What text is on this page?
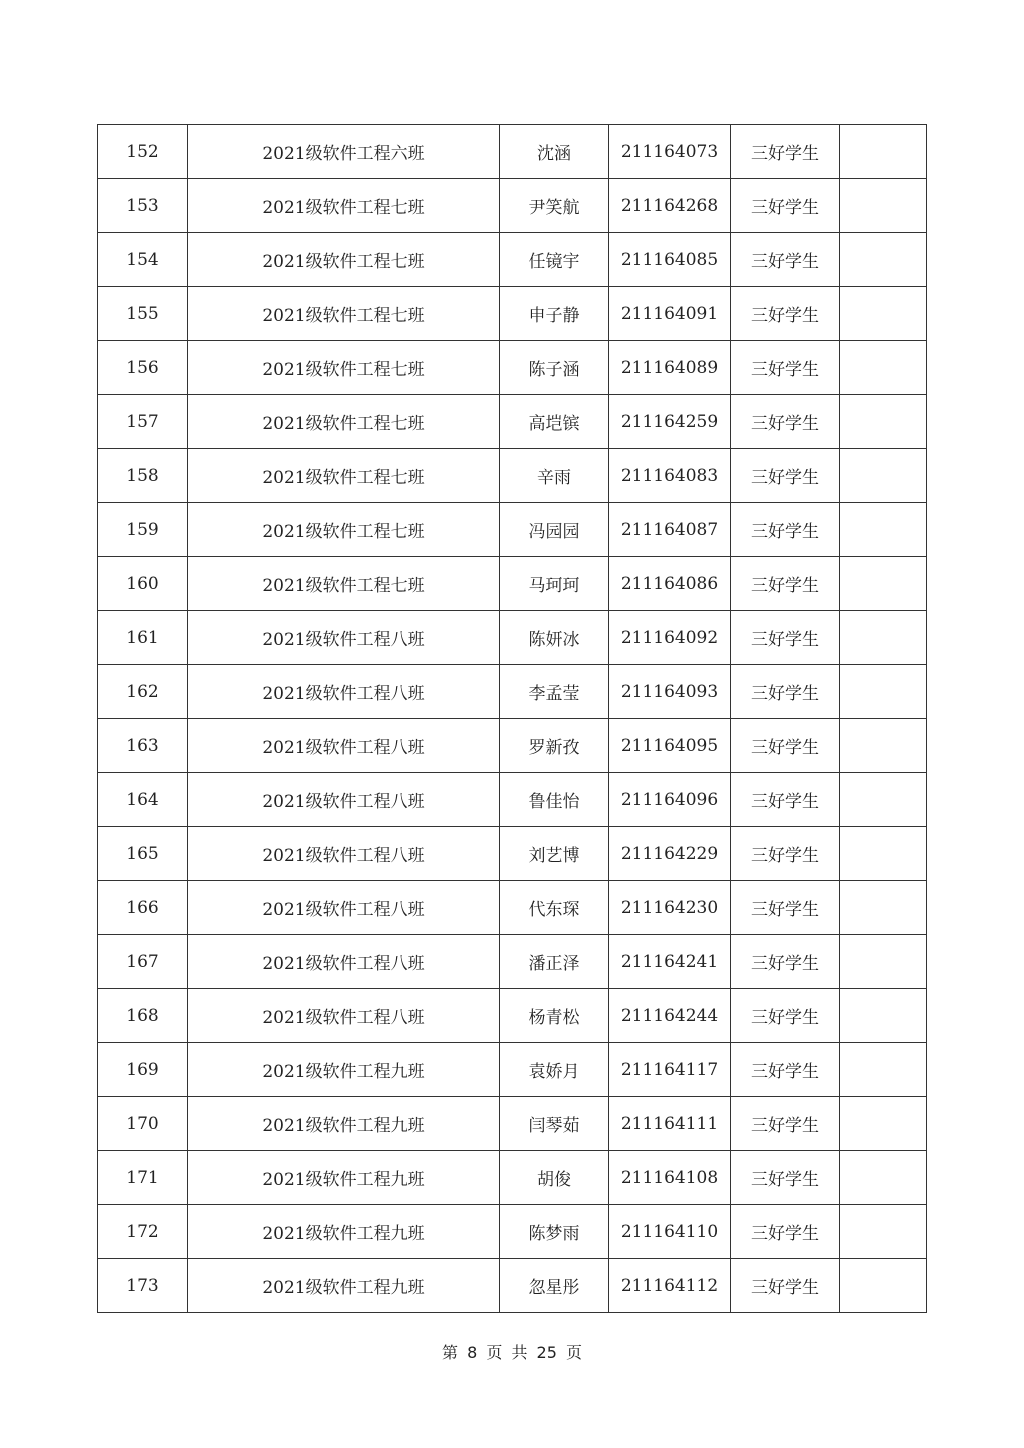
152	2021级软件工程六班	沈涵	211164073	三好学生	
153	2021级软件工程七班	尹笑航	211164268	三好学生	
154	2021级软件工程七班	任镜宇	211164085	三好学生	
155	2021级软件工程七班	申子静	211164091	三好学生	
156	2021级软件工程七班	陈子涵	211164089	三好学生	
157	2021级软件工程七班	高垲镔	211164259	三好学生	
158	2021级软件工程七班	辛雨	211164083	三好学生	
159	2021级软件工程七班	冯园园	211164087	三好学生	
160	2021级软件工程七班	马珂珂	211164086	三好学生	
161	2021级软件工程八班	陈妍冰	211164092	三好学生	
162	2021级软件工程八班	李孟莹	211164093	三好学生	
163	2021级软件工程八班	罗新孜	211164095	三好学生	
164	2021级软件工程八班	鲁佳怡	211164096	三好学生	
165	2021级软件工程八班	刘艺博	211164229	三好学生	
166	2021级软件工程八班	代东琛	211164230	三好学生	
167	2021级软件工程八班	潘正泽	211164241	三好学生	
168	2021级软件工程八班	杨青松	211164244	三好学生	
169	2021级软件工程九班	袁娇月	211164117	三好学生	
170	2021级软件工程九班	闫琴茹	211164111	三好学生	
171	2021级软件工程九班	胡俊	211164108	三好学生	
172	2021级软件工程九班	陈梦雨	211164110	三好学生	
173	2021级软件工程九班	忽星彤	211164112	三好学生	
第 8 页 共 25 页
